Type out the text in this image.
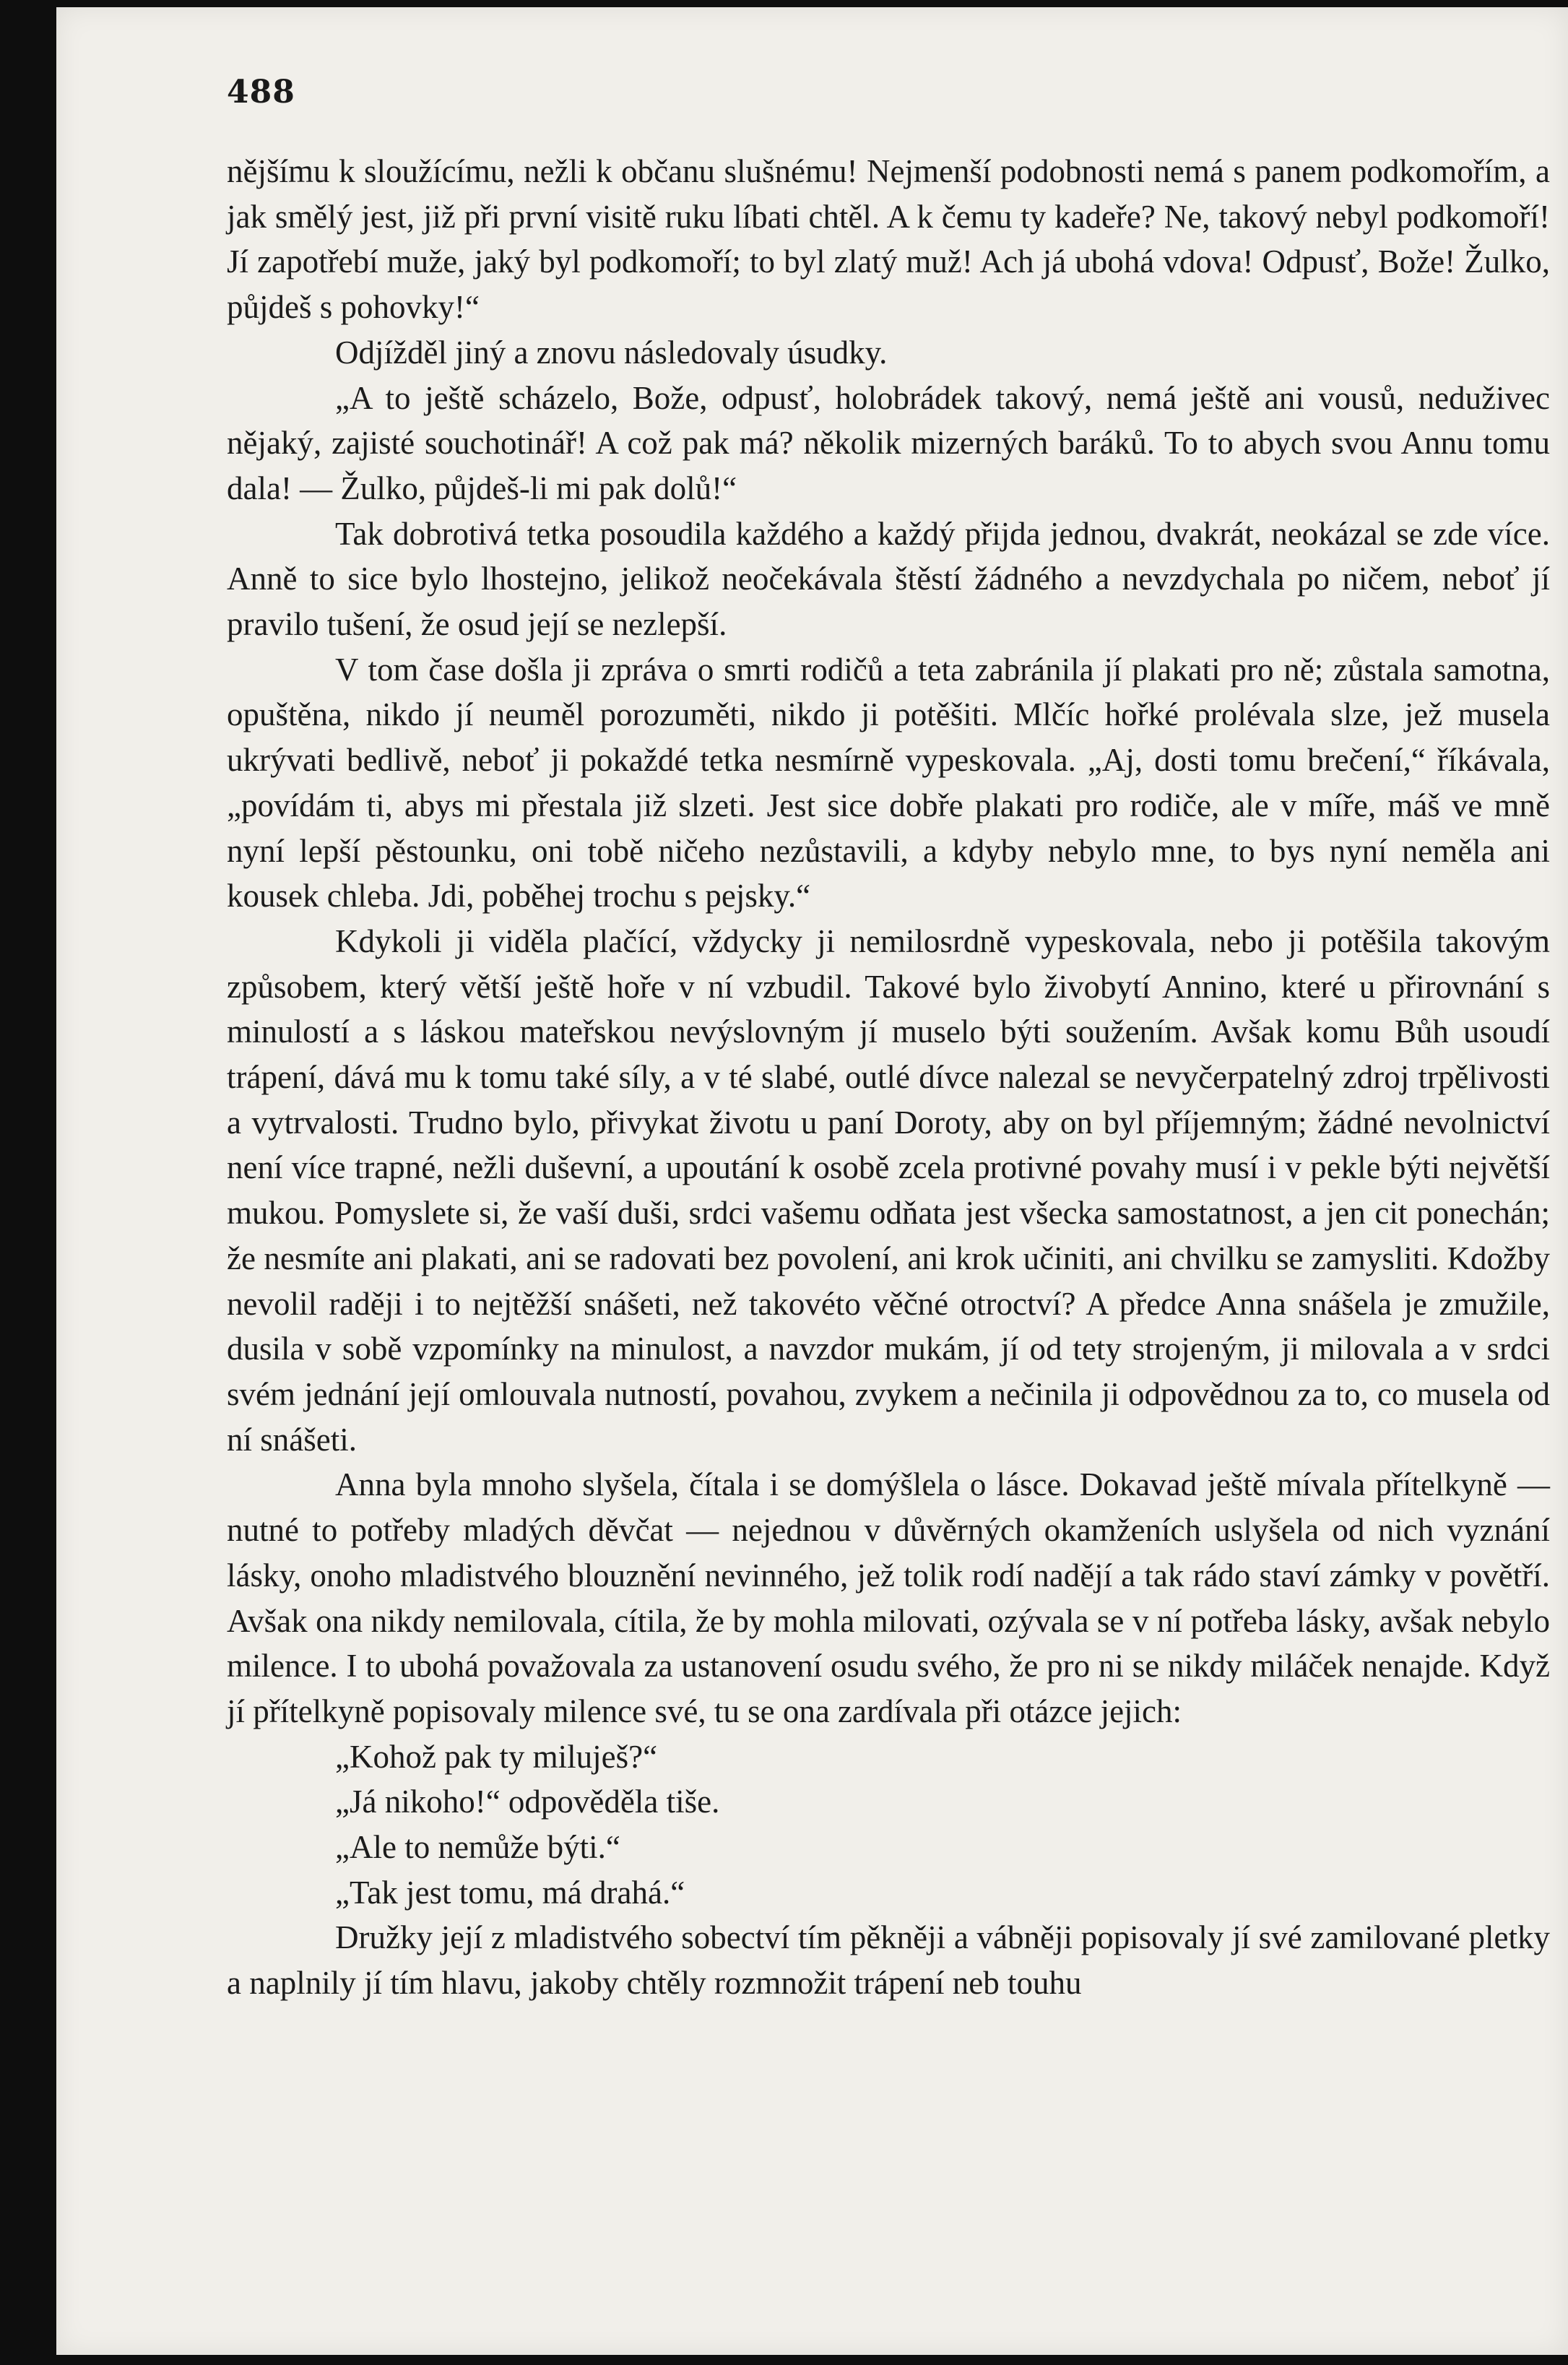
488

nějšímu k sloužícímu, nežli k občanu slušnému! Nejmenší podobnosti nemá s panem podkomořím, a jak smělý jest, již při první visitě ruku líbati chtěl. A k čemu ty kadeře? Ne, takový nebyl podkomoří! Jí zapotřebí muže, jaký byl podkomoří; to byl zlatý muž! Ach já ubohá vdova! Odpusť, Bože! Žulko, půjdeš s pohovky!“

Odjížděl jiný a znovu následovaly úsudky.

„A to ještě scházelo, Bože, odpusť, holobrádek takový, nemá ještě ani vousů, neduživec nějaký, zajisté souchotinář! A což pak má? několik mizerných baráků. To to abych svou Annu tomu dala! — Žulko, půjdeš-li mi pak dolů!“

Tak dobrotivá tetka posoudila každého a každý přijda jednou, dvakrát, neokázal se zde více. Anně to sice bylo lhostejno, jelikož neočekávala štěstí žádného a nevzdychala po ničem, neboť jí pravilo tušení, že osud její se nezlepší.

V tom čase došla ji zpráva o smrti rodičů a teta zabránila jí plakati pro ně; zůstala samotna, opuštěna, nikdo jí neuměl porozuměti, nikdo ji potěšiti. Mlčíc hořké prolévala slze, jež musela ukrývati bedlivě, neboť ji pokaždé tetka nesmírně vypeskovala. „Aj, dosti tomu brečení,“ říkávala, „povídám ti, abys mi přestala již slzeti. Jest sice dobře plakati pro rodiče, ale v míře, máš ve mně nyní lepší pěstounku, oni tobě ničeho nezůstavili, a kdyby nebylo mne, to bys nyní neměla ani kousek chleba. Jdi, poběhej trochu s pejsky.“

Kdykoli ji viděla plačící, vždycky ji nemilosrdně vypeskovala, nebo ji potěšila takovým způsobem, který větší ještě hoře v ní vzbudil. Takové bylo živobytí Annino, které u přirovnání s minulostí a s láskou mateřskou nevýslovným jí muselo býti soužením. Avšak komu Bůh usoudí trápení, dává mu k tomu také síly, a v té slabé, outlé dívce nalezal se nevyčerpatelný zdroj trpělivosti a vytrvalosti. Trudno bylo, přivykat životu u paní Doroty, aby on byl příjemným; žádné nevolnictví není více trapné, nežli duševní, a upoutání k osobě zcela protivné povahy musí i v pekle býti největší mukou. Pomyslete si, že vaší duši, srdci vašemu odňata jest všecka samostatnost, a jen cit ponechán; že nesmíte ani plakati, ani se radovati bez povolení, ani krok učiniti, ani chvilku se zamysliti. Kdožby nevolil raději i to nejtěžší snášeti, než takovéto věčné otroctví? A předce Anna snášela je zmužile, dusila v sobě vzpomínky na minulost, a navzdor mukám, jí od tety strojeným, ji milovala a v srdci svém jednání její omlouvala nutností, povahou, zvykem a nečinila ji odpovědnou za to, co musela od ní snášeti.

Anna byla mnoho slyšela, čítala i se domýšlela o lásce. Dokavad ještě mívala přítelkyně — nutné to potřeby mladých děvčat — nejednou v důvěrných okamženích uslyšela od nich vyznání lásky, onoho mladistvého blouznění nevinného, jež tolik rodí nadějí a tak rádo staví zámky v povětří. Avšak ona nikdy nemilovala, cítila, že by mohla milovati, ozývala se v ní potřeba lásky, avšak nebylo milence. I to ubohá považovala za ustanovení osudu svého, že pro ni se nikdy miláček nenajde. Když jí přítelkyně popisovaly milence své, tu se ona zardívala při otázce jejich:

„Kohož pak ty miluješ?“

„Já nikoho!“ odpověděla tiše.

„Ale to nemůže býti.“

„Tak jest tomu, má drahá.“

Družky její z mladistvého sobectví tím pěkněji a vábněji popisovaly jí své zamilované pletky a naplnily jí tím hlavu, jakoby chtěly rozmnožit trápení neb touhu
